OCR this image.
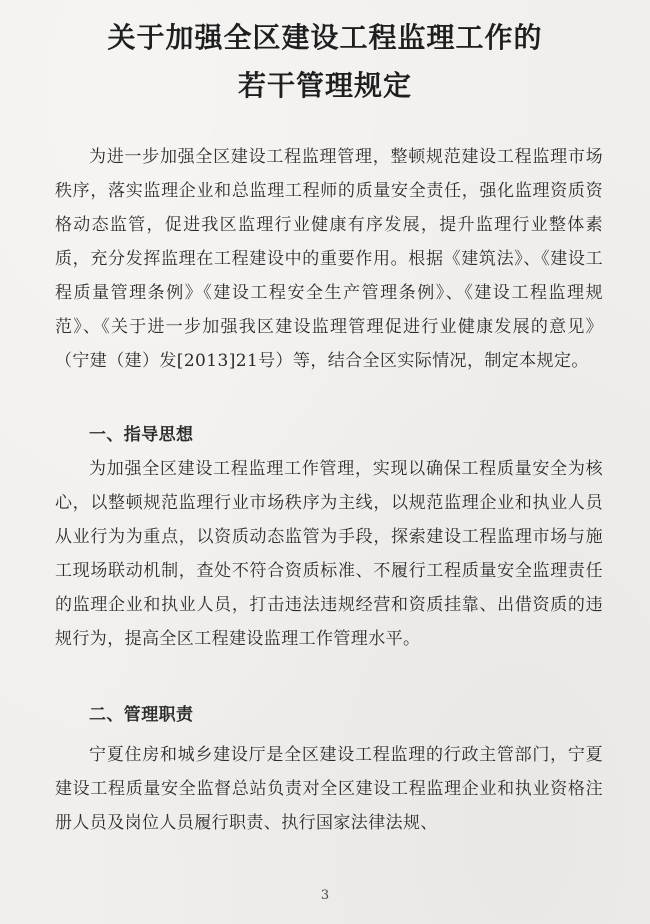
关于加强全区建设工程监理工作的
若干管理规定

为进一步加强全区建设工程监理管理，整顿规范建设工程监理市场秩序，落实监理企业和总监理工程师的质量安全责任，强化监理资质资格动态监管，促进我区监理行业健康有序发展，提升监理行业整体素质，充分发挥监理在工程建设中的重要作用。根据《建筑法》、《建设工程质量管理条例》《建设工程安全生产管理条例》、《建设工程监理规范》、《关于进一步加强我区建设监理管理促进行业健康发展的意见》（宁建（建）发[2013]21号）等，结合全区实际情况，制定本规定。

一、指导思想

为加强全区建设工程监理工作管理，实现以确保工程质量安全为核心，以整顿规范监理行业市场秩序为主线，以规范监理企业和执业人员从业行为为重点，以资质动态监管为手段，探索建设工程监理市场与施工现场联动机制，查处不符合资质标准、不履行工程质量安全监理责任的监理企业和执业人员，打击违法违规经营和资质挂靠、出借资质的违规行为，提高全区工程建设监理工作管理水平。

二、管理职责

宁夏住房和城乡建设厅是全区建设工程监理的行政主管部门，宁夏建设工程质量安全监督总站负责对全区建设工程监理企业和执业资格注册人员及岗位人员履行职责、执行国家法律法规、

3
